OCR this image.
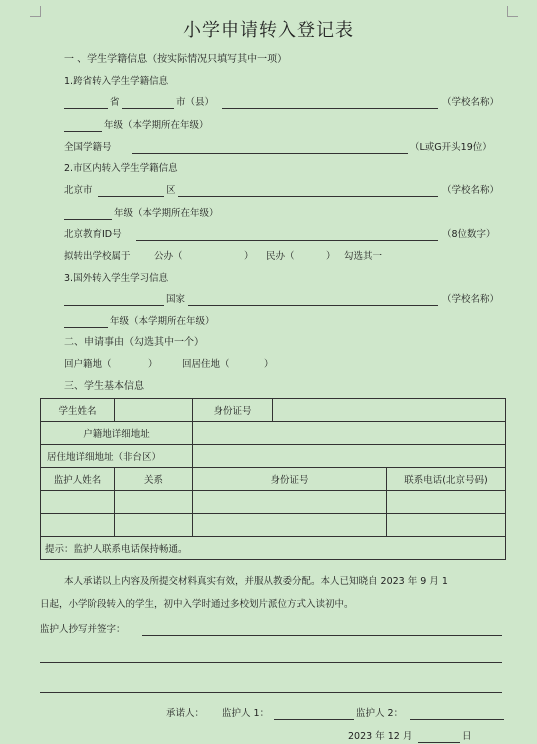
小学申请转入登记表
一 、学生学籍信息（按实际情况只填写其中一项）
1.跨省转入学生学籍信息
省	市（县）	（学校名称）
年级（本学期所在年级）
全国学籍号	（L或G开头19位）
2.市区内转入学生学籍信息
北京市	区	（学校名称）
年级（本学期所在年级）
北京教育ID号	（8位数字）
拟转出学校属于 公办（	） 民办（	） 勾选其一
3.国外转入学生学习信息
国家	（学校名称）
年级（本学期所在年级）
二、申请事由（勾选其中一个）
回户籍地（	）	回居住地（	）
三、学生基本信息
学生姓名		身份证号		
户籍地详细地址				
居住地详细地址（非台区）				
监护人姓名	关系	身份证号		联系电话(北京号码)

提示：监护人联系电话保持畅通。				
本人承诺以上内容及所提交材料真实有效，并服从教委分配。本人已知晓自 2023 年 9 月 1
日起，小学阶段转入的学生，初中入学时通过多校划片派位方式入读初中。
监护人抄写并签字：
承诺人： 监护人 1：	监护人 2：
2023 年 12 月	日
